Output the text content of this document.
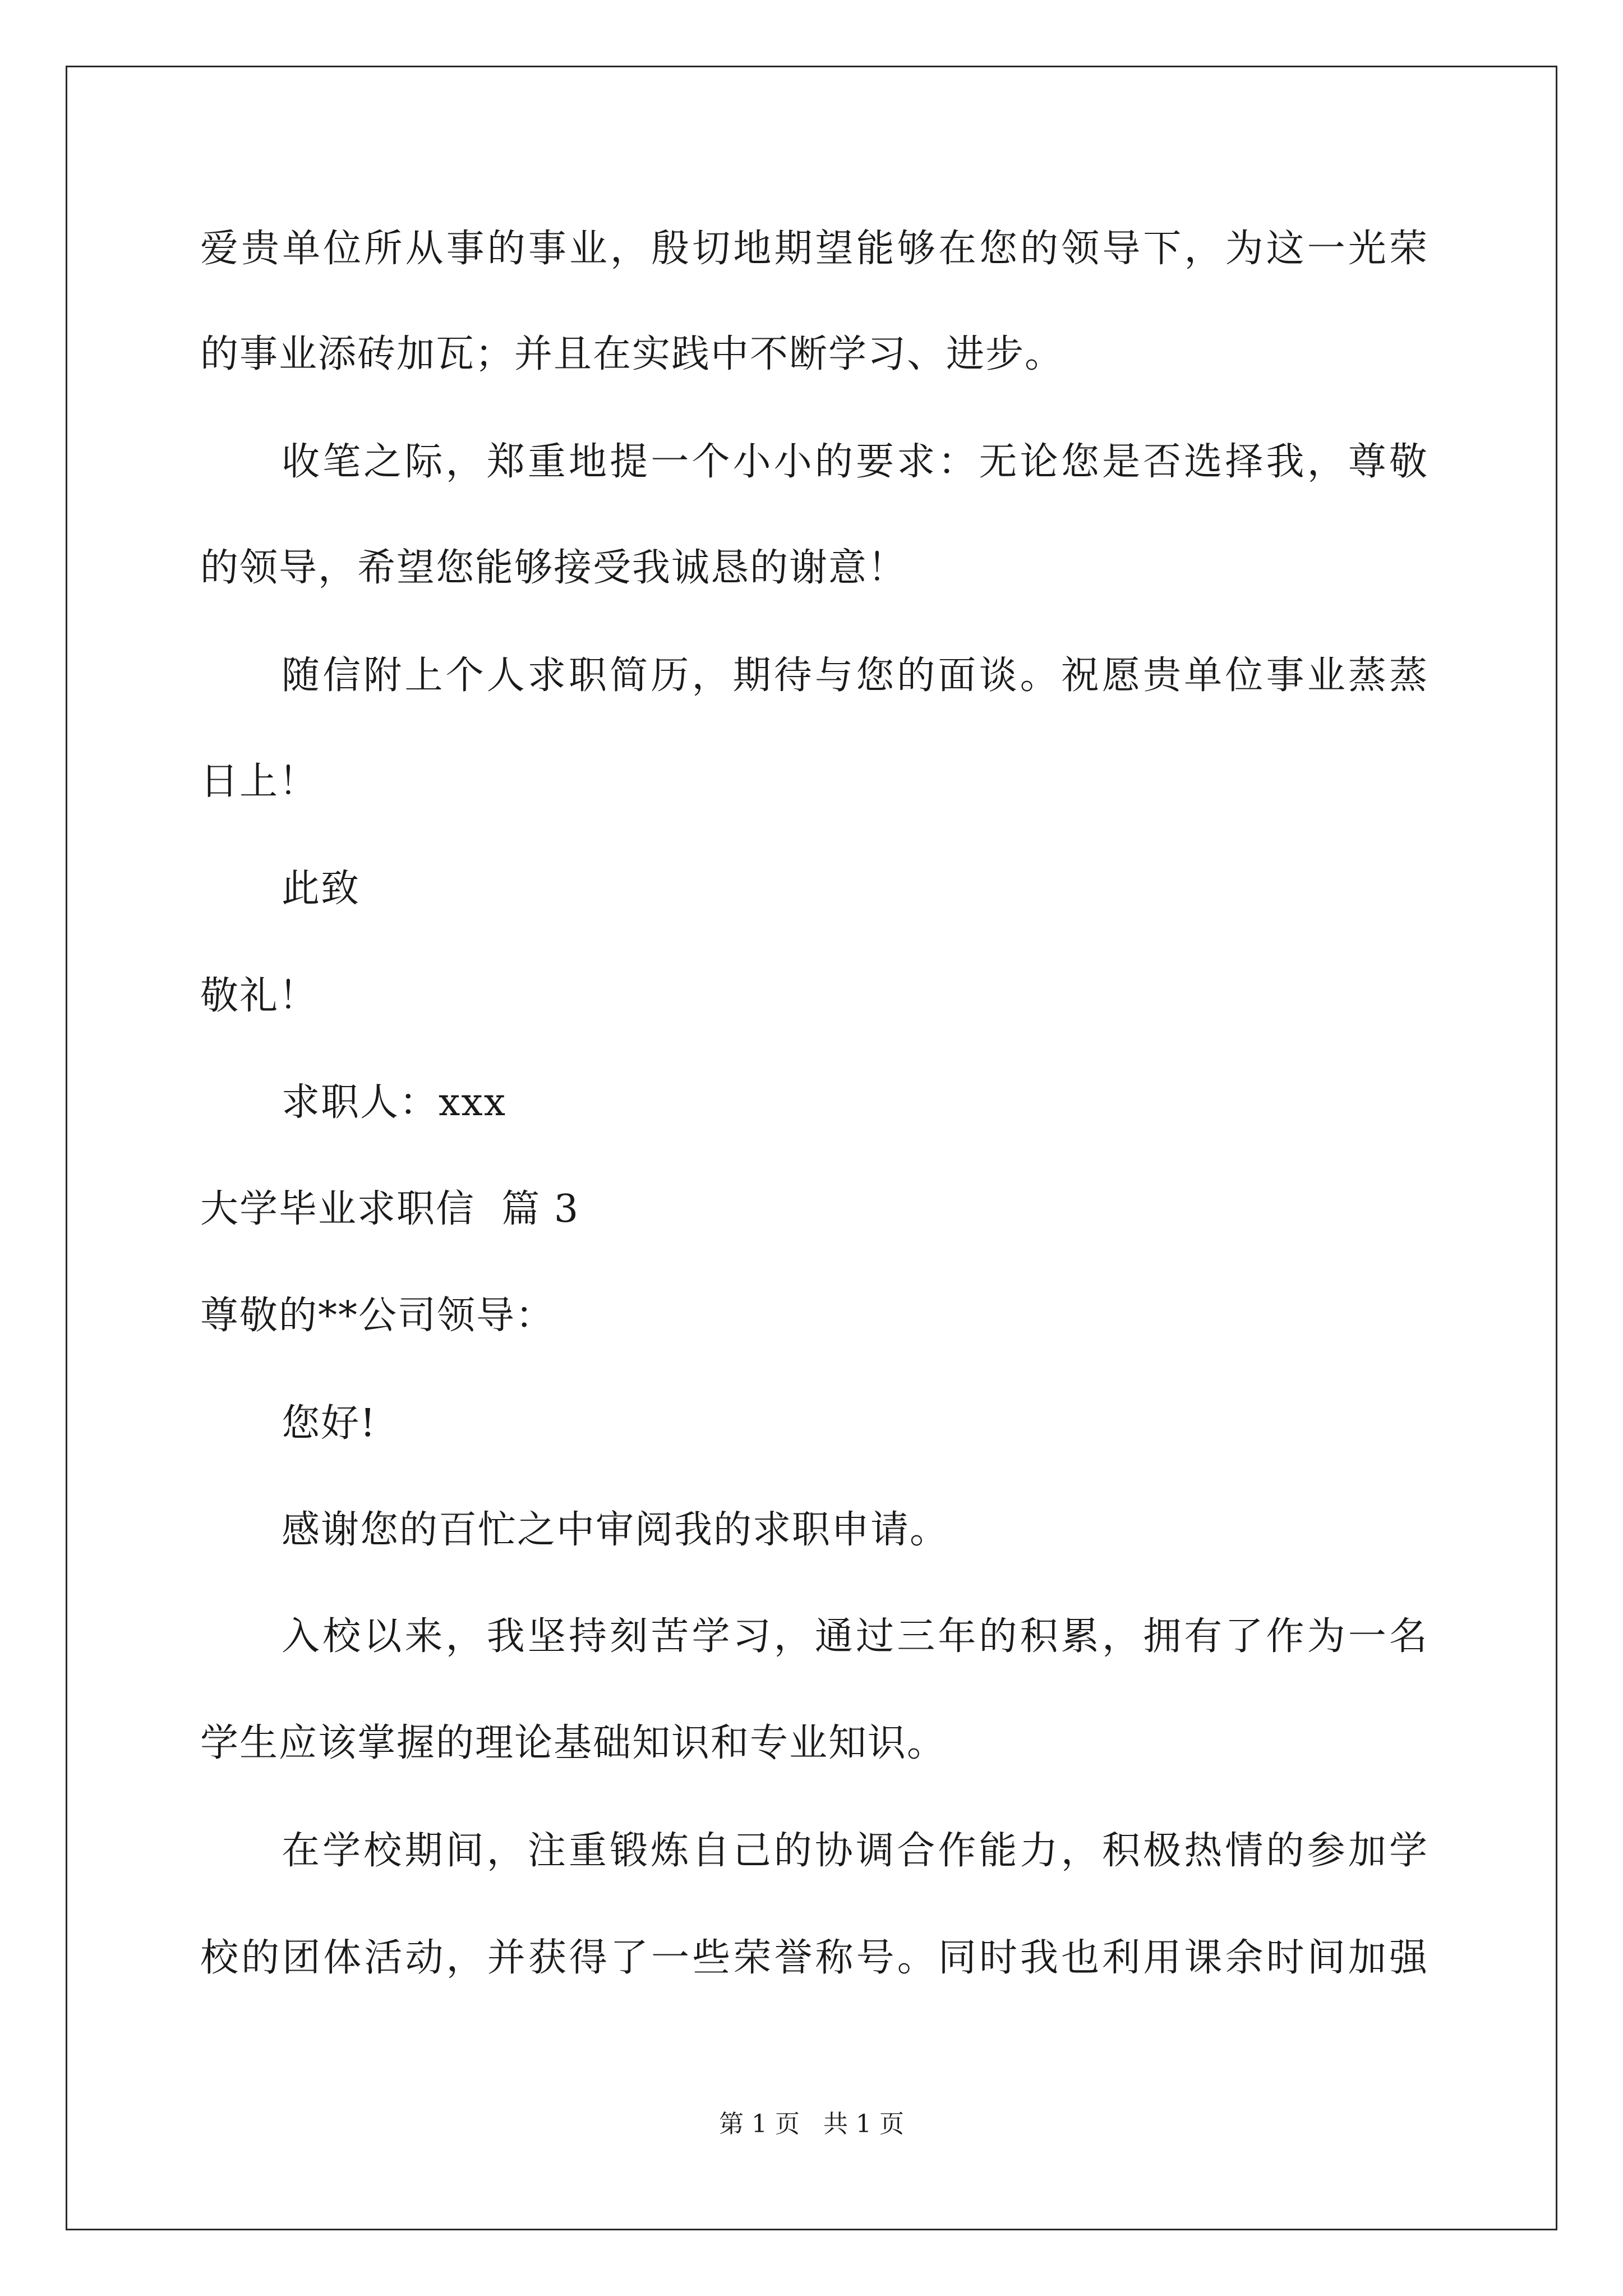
爱贵单位所从事的事业，殷切地期望能够在您的领导下，为这一光荣
的事业添砖加瓦；并且在实践中不断学习、进步。
收笔之际，郑重地提一个小小的要求：无论您是否选择我，尊敬
的领导，希望您能够接受我诚恳的谢意！
随信附上个人求职简历，期待与您的面谈。祝愿贵单位事业蒸蒸
日上！
此致
敬礼！
求职人：xxx
大学毕业求职信  篇 3
尊敬的**公司领导：
您好!
感谢您的百忙之中审阅我的求职申请。
入校以来，我坚持刻苦学习，通过三年的积累，拥有了作为一名
学生应该掌握的理论基础知识和专业知识。
在学校期间，注重锻炼自己的协调合作能力，积极热情的参加学
校的团体活动，并获得了一些荣誉称号。同时我也利用课余时间加强
第 1 页   共 1 页
